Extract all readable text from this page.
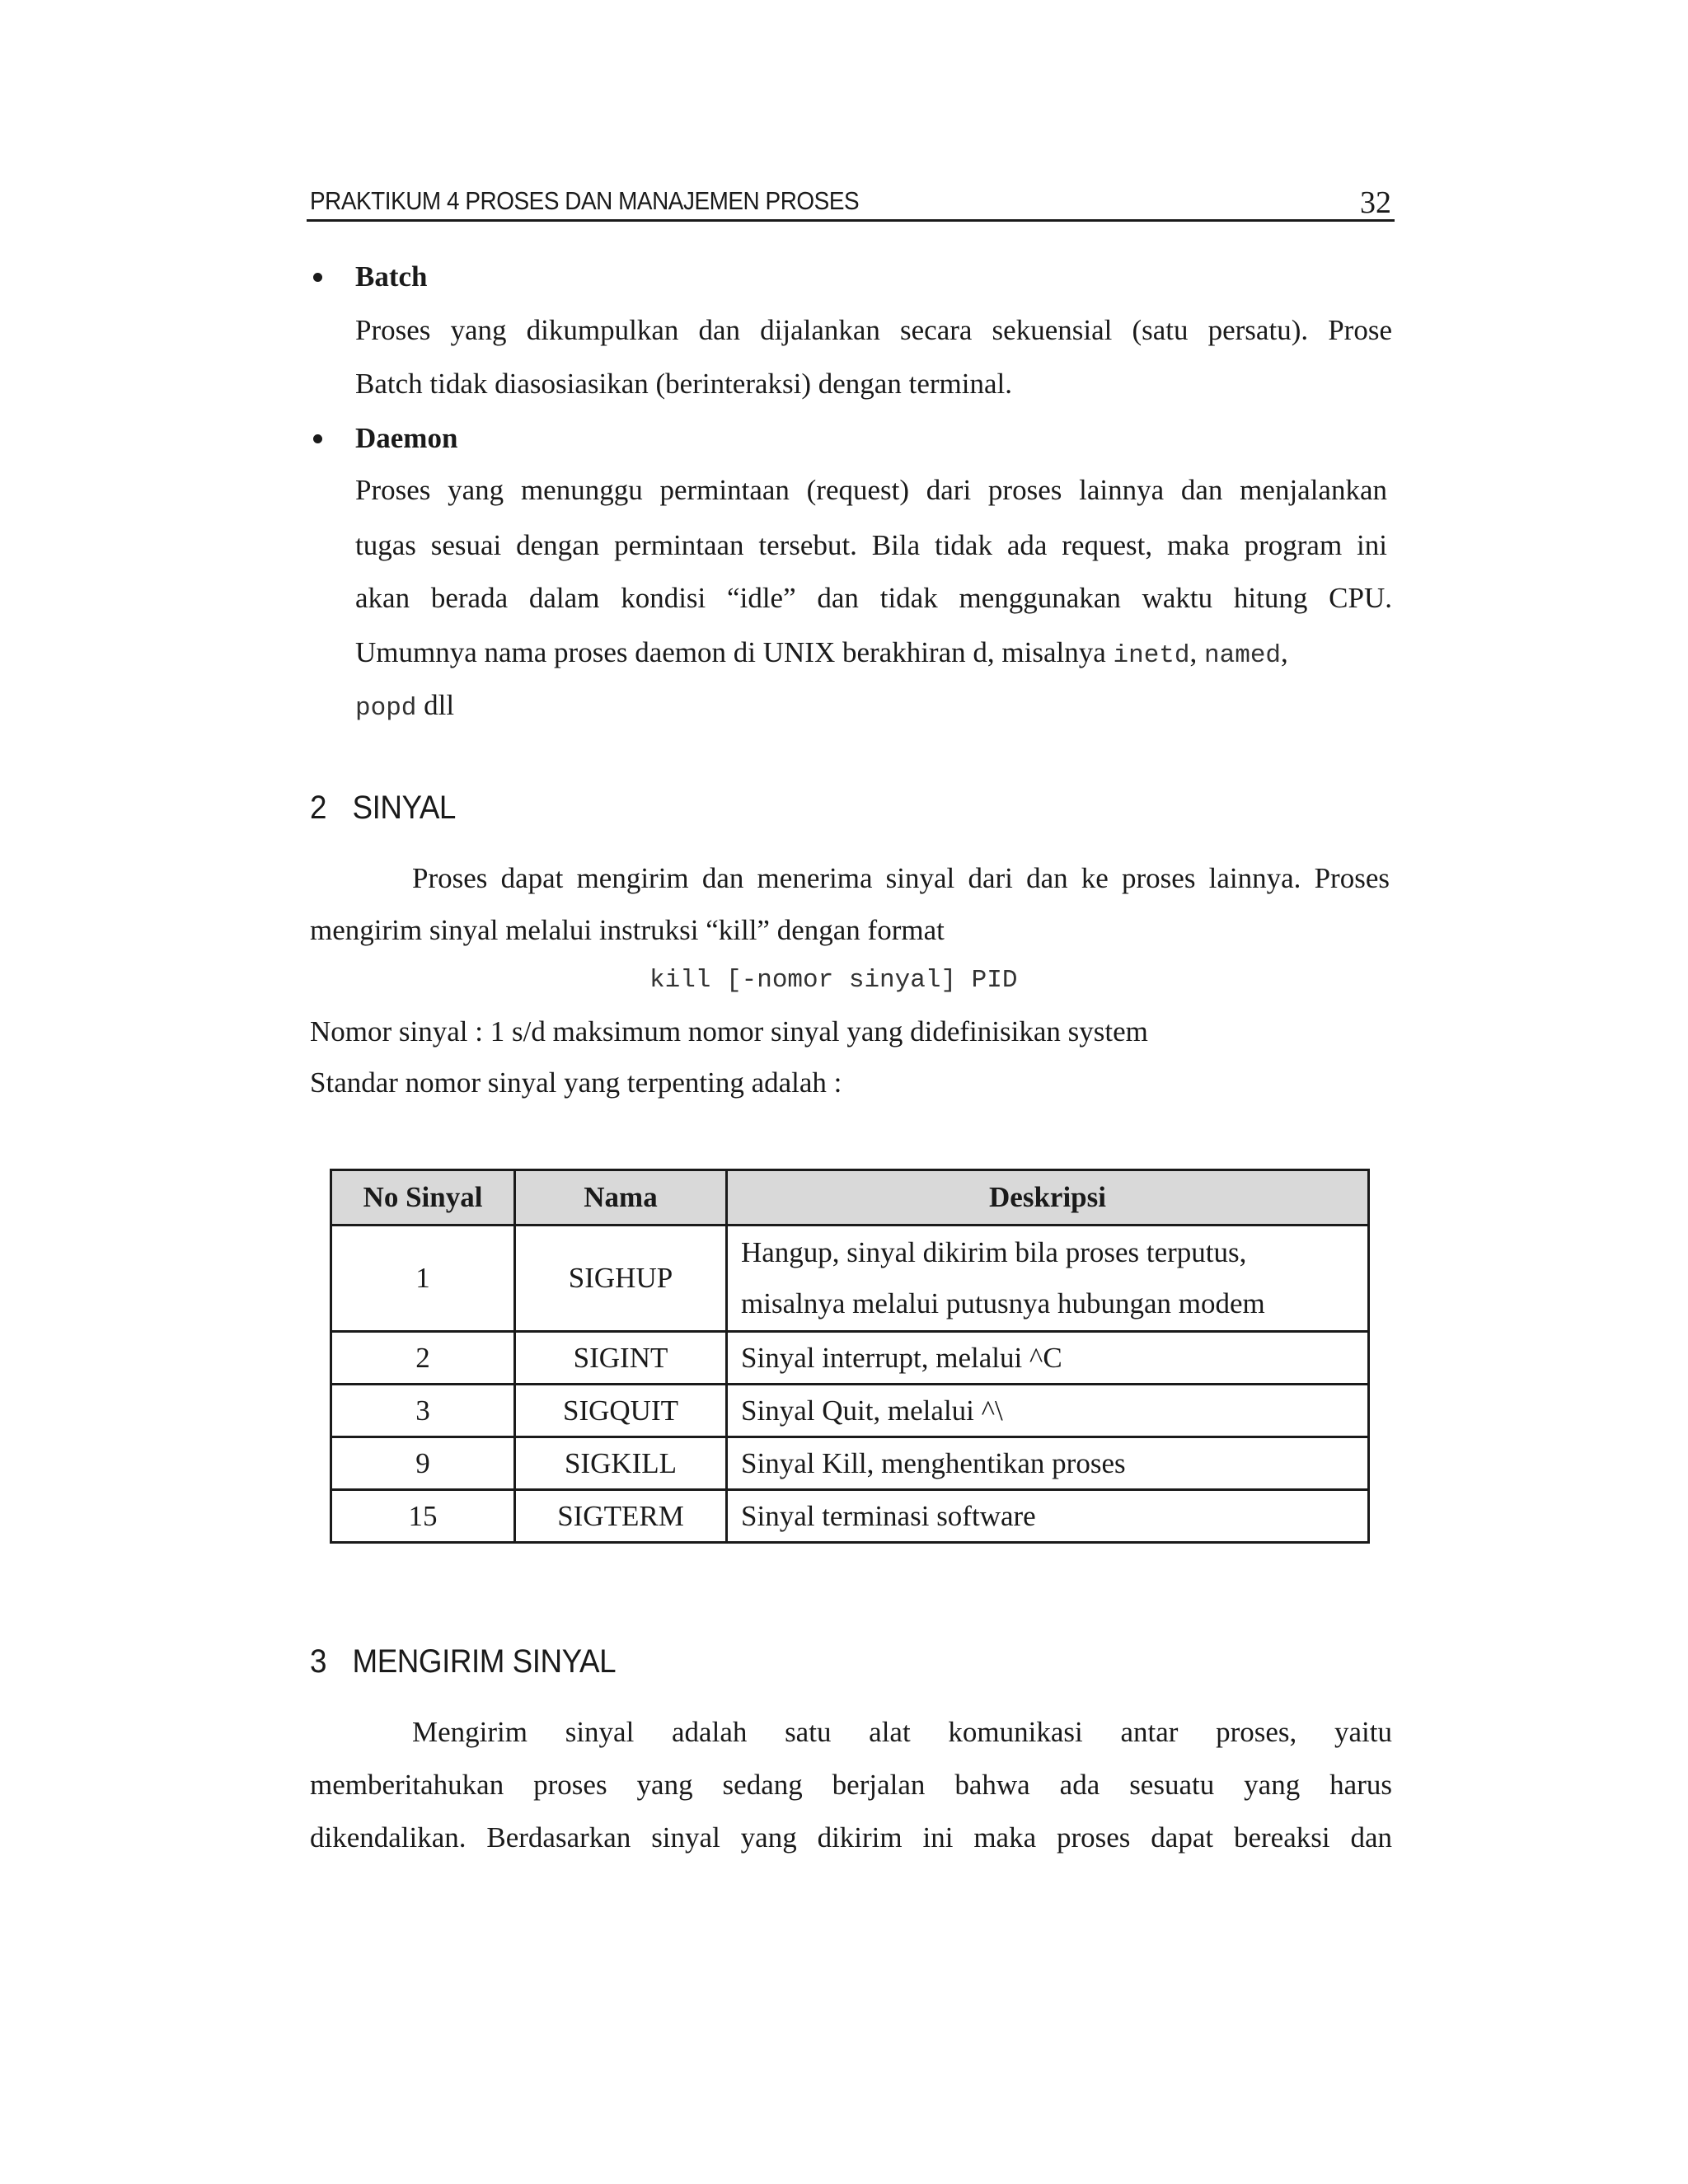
PRAKTIKUM 4 PROSES DAN MANAJEMEN PROSES	32
Batch
Proses yang dikumpulkan dan dijalankan secara sekuensial (satu persatu). Prose
Batch tidak diasosiasikan (berinteraksi) dengan terminal.
Daemon
Proses yang menunggu permintaan (request) dari proses lainnya dan menjalankan
tugas sesuai dengan permintaan tersebut. Bila tidak ada request, maka program ini
akan berada dalam kondisi “idle” dan tidak menggunakan waktu hitung CPU.
Umumnya nama proses daemon di UNIX berakhiran d, misalnya inetd, named,
popd dll
2 SINYAL
Proses dapat mengirim dan menerima sinyal dari dan ke proses lainnya. Proses
mengirim sinyal melalui instruksi “kill” dengan format
kill [-nomor sinyal] PID
Nomor sinyal : 1 s/d maksimum nomor sinyal yang didefinisikan system
Standar nomor sinyal yang terpenting adalah :
No Sinyal	Nama	Deskripsi
1	SIGHUP	Hangup, sinyal dikirim bila proses terputus,
misalnya melalui putusnya hubungan modem

2	SIGINT	Sinyal interrupt, melalui ^C
3	SIGQUIT	Sinyal Quit, melalui ^\
9	SIGKILL	Sinyal Kill, menghentikan proses
15	SIGTERM	Sinyal terminasi software
3 MENGIRIM SINYAL
Mengirim sinyal adalah satu alat komunikasi antar proses, yaitu
memberitahukan proses yang sedang berjalan bahwa ada sesuatu yang harus
dikendalikan. Berdasarkan sinyal yang dikirim ini maka proses dapat bereaksi dan
